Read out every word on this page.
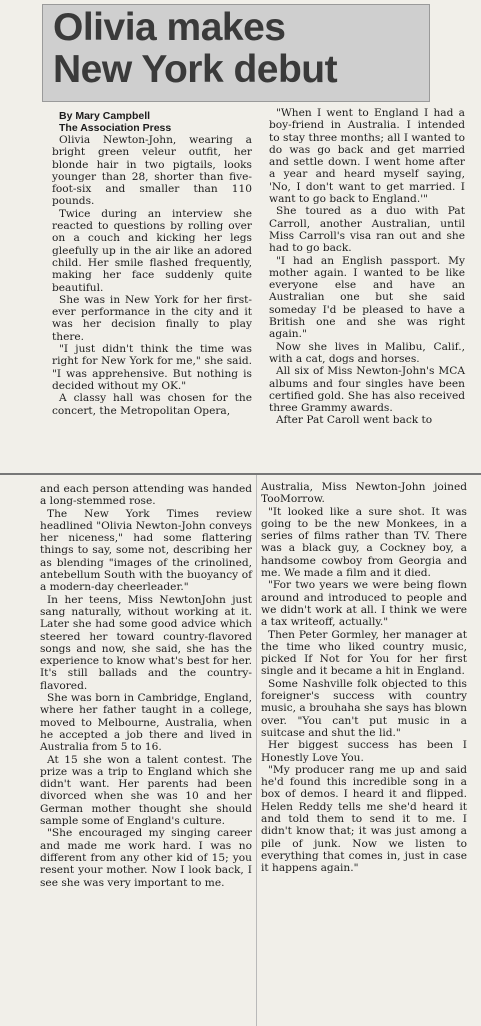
Olivia makes
New York debut

By Mary Campbell

The Association Press

Olivia Newton-John, wearing a bright green veleur outfit, her blonde hair in two pigtails, looks younger than 28, shorter than five-foot-six and smaller than 110 pounds.

Twice during an interview she reacted to questions by rolling over on a couch and kicking her legs gleefully up in the air like an adored child. Her smile flashed frequently, making her face suddenly quite beautiful.

She was in New York for her first-ever performance in the city and it was her decision finally to play there.

"I just didn't think the time was right for New York for me," she said. "I was apprehensive. But nothing is decided without my OK."

A classy hall was chosen for the concert, the Metropolitan Opera,

"When I went to England I had a boy-friend in Australia. I intended to stay three months; all I wanted to do was go back and get married and settle down. I went home after a year and heard myself saying, 'No, I don't want to get married. I want to go back to England.'"

She toured as a duo with Pat Carroll, another Australian, until Miss Carroll's visa ran out and she had to go back.

"I had an English passport. My mother again. I wanted to be like everyone else and have an Australian one but she said someday I'd be pleased to have a British one and she was right again."

Now she lives in Malibu, Calif., with a cat, dogs and horses.

All six of Miss Newton-John's MCA albums and four singles have been certified gold. She has also received three Grammy awards.

After Pat Caroll went back to

and each person attending was handed a long-stemmed rose.

The New York Times review headlined "Olivia Newton-John conveys her niceness," had some flattering things to say, some not, describing her as blending "images of the crinolined, antebellum South with the buoyancy of a modern-day cheerleader."

In her teens, Miss NewtonJohn just sang naturally, without working at it. Later she had some good advice which steered her toward country-flavored songs and now, she said, she has the experience to know what's best for her. It's still ballads and the country-flavored.

She was born in Cambridge, England, where her father taught in a college, moved to Melbourne, Australia, when he accepted a job there and lived in Australia from 5 to 16.

At 15 she won a talent contest. The prize was a trip to England which she didn't want. Her parents had been divorced when she was 10 and her German mother thought she should sample some of England's culture.

"She encouraged my singing career and made me work hard. I was no different from any other kid of 15; you resent your mother. Now I look back, I see she was very important to me.

Australia, Miss Newton-John joined TooMorrow.

"It looked like a sure shot. It was going to be the new Monkees, in a series of films rather than TV. There was a black guy, a Cockney boy, a handsome cowboy from Georgia and me. We made a film and it died.

"For two years we were being flown around and introduced to people and we didn't work at all. I think we were a tax writeoff, actually."

Then Peter Gormley, her manager at the time who liked country music, picked If Not for You for her first single and it became a hit in England.

Some Nashville folk objected to this foreigner's success with country music, a brouhaha she says has blown over. "You can't put music in a suitcase and shut the lid."

Her biggest success has been I Honestly Love You.

"My producer rang me up and said he'd found this incredible song in a box of demos. I heard it and flipped. Helen Reddy tells me she'd heard it and told them to send it to me. I didn't know that; it was just among a pile of junk. Now we listen to everything that comes in, just in case it happens again."
